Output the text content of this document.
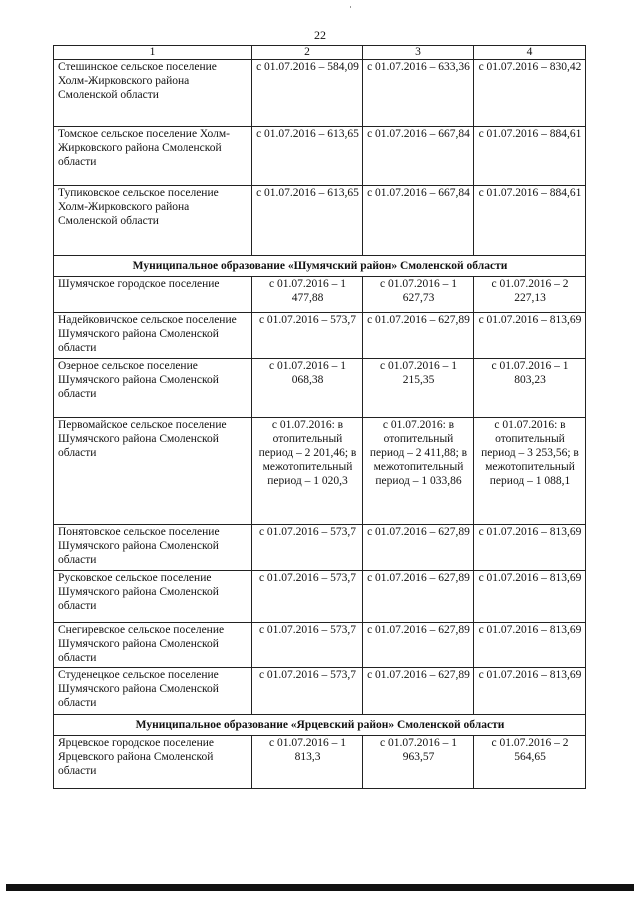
22
1	2	3	4
Стешинское сельское поселение Холм-Жирковского района Смоленской области	с 01.07.2016 – 584,09	с 01.07.2016 – 633,36	с 01.07.2016 – 830,42
Томское сельское поселение Холм-Жирковского района Смоленской области	с 01.07.2016 – 613,65	с 01.07.2016 – 667,84	с 01.07.2016 – 884,61
Тупиковское сельское поселение Холм-Жирковского района Смоленской области	с 01.07.2016 – 613,65	с 01.07.2016 – 667,84	с 01.07.2016 – 884,61
Муниципальное образование «Шумячский район» Смоленской области			
Шумячское городское поселение	с 01.07.2016 – 1 477,88	с 01.07.2016 – 1 627,73	с 01.07.2016 – 2 227,13
Надейковичское сельское поселение Шумячского района Смоленской области	с 01.07.2016 – 573,7	с 01.07.2016 – 627,89	с 01.07.2016 – 813,69
Озерное сельское поселение Шумячского района Смоленской области	с 01.07.2016 – 1 068,38	с 01.07.2016 – 1 215,35	с 01.07.2016 – 1 803,23
Первомайское сельское поселение Шумячского района Смоленской области	с 01.07.2016: в отопительный период – 2 201,46; в межотопительный период – 1 020,3	с 01.07.2016: в отопительный период – 2 411,88; в межотопительный период – 1 033,86	с 01.07.2016: в отопительный период – 3 253,56; в межотопительный период – 1 088,1
Понятовское сельское поселение Шумячского района Смоленской области	с 01.07.2016 – 573,7	с 01.07.2016 – 627,89	с 01.07.2016 – 813,69
Русковское сельское поселение Шумячского района Смоленской области	с 01.07.2016 – 573,7	с 01.07.2016 – 627,89	с 01.07.2016 – 813,69
Снегиревское сельское поселение Шумячского района Смоленской области	с 01.07.2016 – 573,7	с 01.07.2016 – 627,89	с 01.07.2016 – 813,69
Студенецкое сельское поселение Шумячского района Смоленской области	с 01.07.2016 – 573,7	с 01.07.2016 – 627,89	с 01.07.2016 – 813,69
Муниципальное образование «Ярцевский район» Смоленской области			
Ярцевское городское поселение Ярцевского района Смоленской области	с 01.07.2016 – 1 813,3	с 01.07.2016 – 1 963,57	с 01.07.2016 – 2 564,65
